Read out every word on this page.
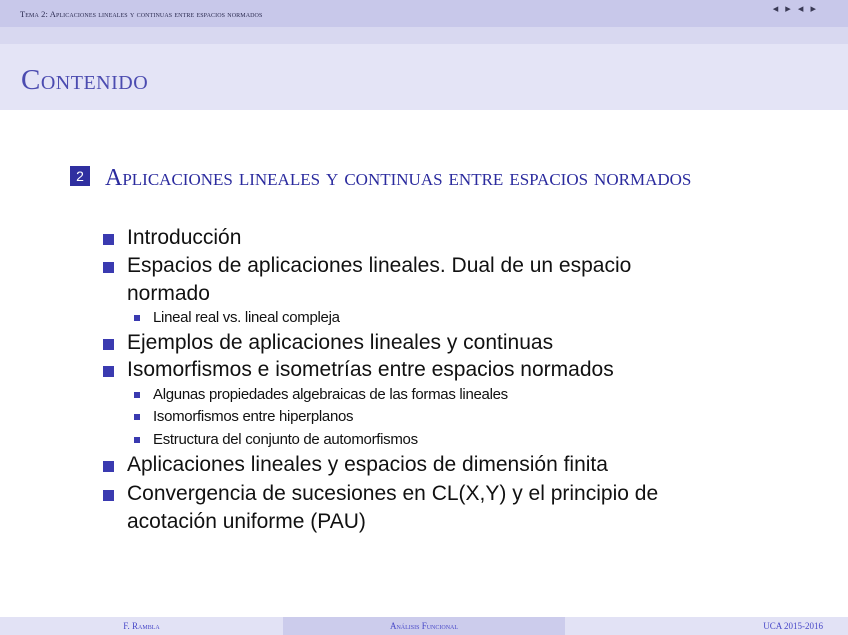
Tema 2: Aplicaciones lineales y continuas entre espacios normados	◂ ▸ ◂ ▸
Contenido
2 Aplicaciones lineales y continuas entre espacios normados
Introducción
Espacios de aplicaciones lineales. Dual de un espacio
normado
Lineal real vs. lineal compleja
Ejemplos de aplicaciones lineales y continuas
Isomorfismos e isometrías entre espacios normados
Algunas propiedades algebraicas de las formas lineales
Isomorfismos entre hiperplanos
Estructura del conjunto de automorfismos
Aplicaciones lineales y espacios de dimensión finita
Convergencia de sucesiones en CL(X,Y) y el principio de
acotación uniforme (PAU)
F. Rambla	Análisis Funcional	UCA 2015-2016
